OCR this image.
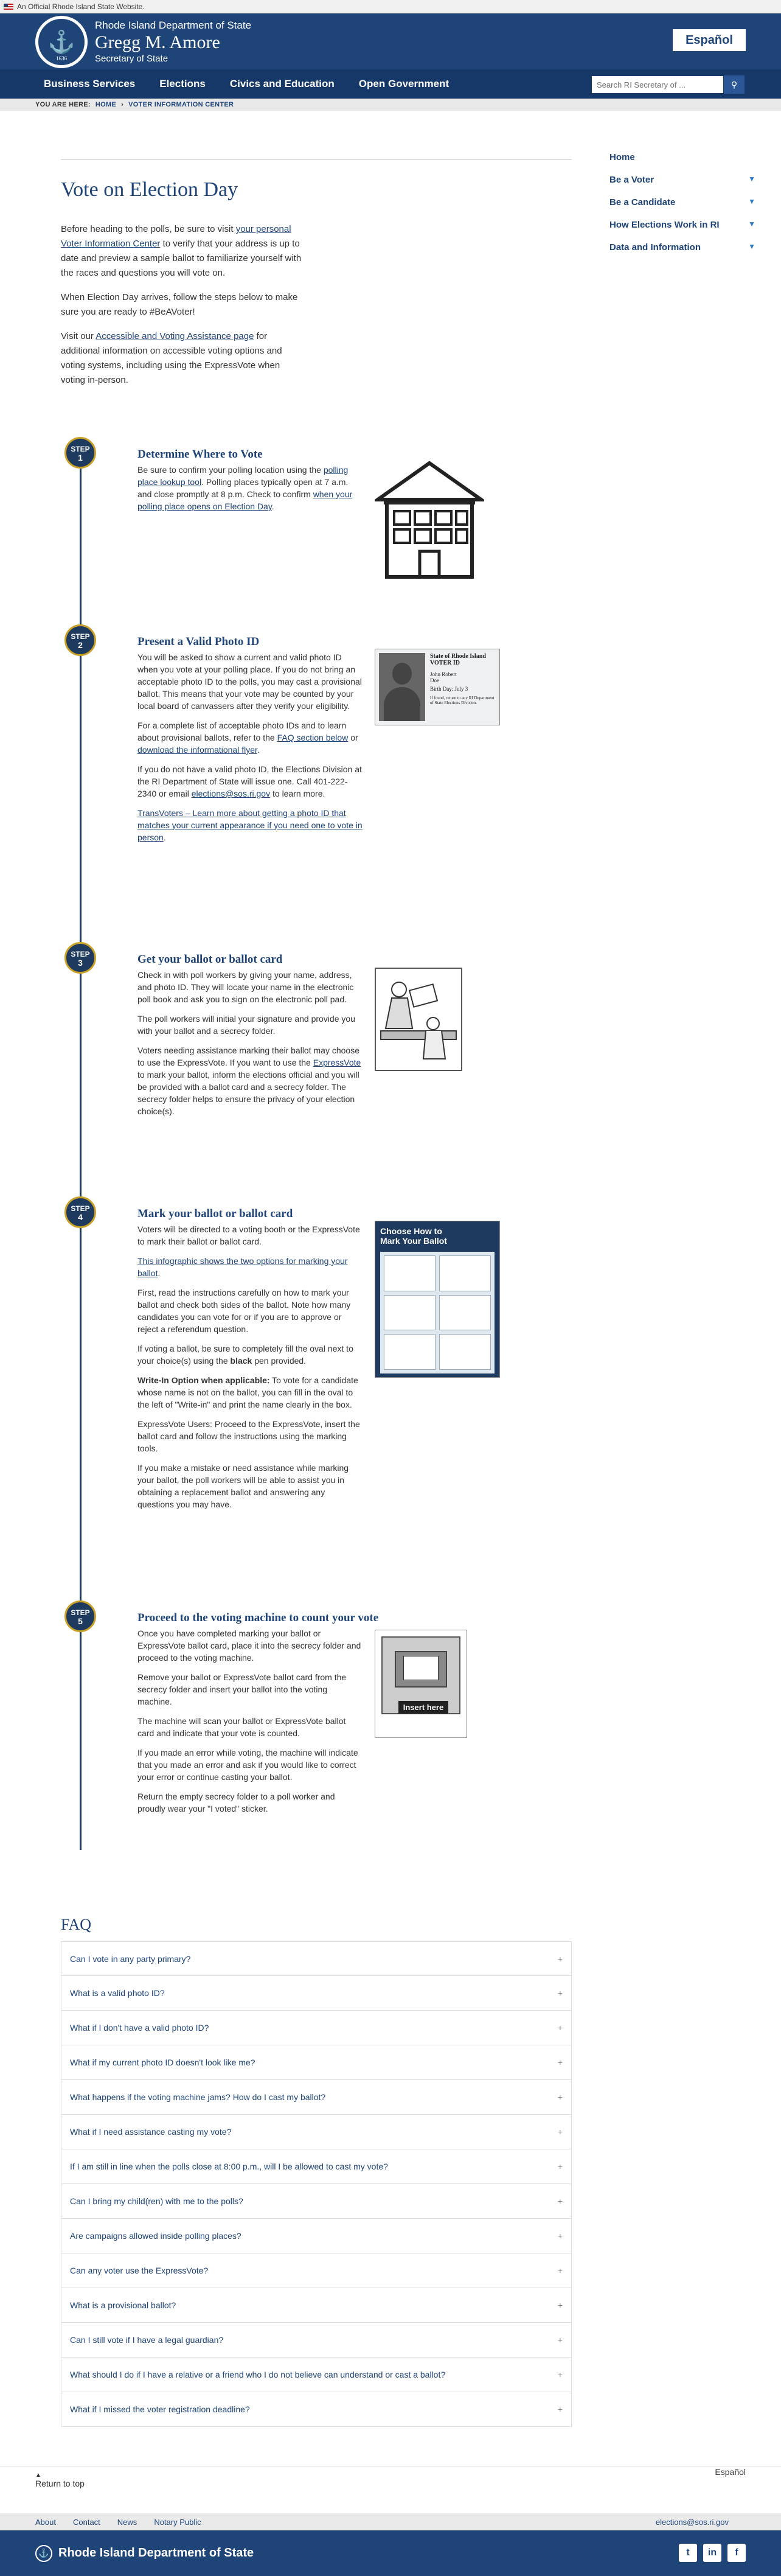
An Official Rhode Island State Website.
⚓
1636
Rhode Island Department of State
Gregg M. Amore
Secretary of State
Español
Business Services Elections Civics and Education Open Government
Search RI Secretary of ...	⚲
YOU ARE HERE: HOME › VOTER INFORMATION CENTER
Home
Be a Voter	▼
Be a Candidate	▼
How Elections Work in RI	▼
Data and Information	▼
Vote on Election Day

Before heading to the polls, be sure to visit your personal Voter Information Center to verify that your address is up to date and preview a sample ballot to familiarize yourself with the races and questions you will vote on.

When Election Day arrives, follow the steps below to make sure you are ready to #BeAVoter!

Visit our Accessible and Voting Assistance page for additional information on accessible voting options and voting systems, including using the ExpressVote when voting in-person.

STEP
1	Determine Where to Vote

Be sure to confirm your polling location using the polling place lookup tool. Polling places typically open at 7 a.m. and close promptly at 8 p.m. Check to confirm when your polling place opens on Election Day.

STEP
2	Present a Valid Photo ID

You will be asked to show a current and valid photo ID when you vote at your polling place. If you do not bring an acceptable photo ID to the polls, you may cast a provisional ballot. This means that your vote may be counted by your local board of canvassers after they verify your eligibility.

For a complete list of acceptable photo IDs and to learn about provisional ballots, refer to the FAQ section below or download the informational flyer.

If you do not have a valid photo ID, the Elections Division at the RI Department of State will issue one. Call 401-222-2340 or email elections@sos.ri.gov to learn more.

TransVoters – Learn more about getting a photo ID that matches your current appearance if you need one to vote in person.

State of Rhode Island
VOTER ID
John Robert
Doe
Birth Day: July 3
If found, return to any RI Department of State Elections Division.
STEP
3	Get your ballot or ballot card

Check in with poll workers by giving your name, address, and photo ID. They will locate your name in the electronic poll book and ask you to sign on the electronic poll pad.

The poll workers will initial your signature and provide you with your ballot and a secrecy folder.

Voters needing assistance marking their ballot may choose to use the ExpressVote. If you want to use the ExpressVote to mark your ballot, inform the elections official and you will be provided with a ballot card and a secrecy folder. The secrecy folder helps to ensure the privacy of your election choice(s).

STEP
4	Mark your ballot or ballot card

Voters will be directed to a voting booth or the ExpressVote to mark their ballot or ballot card.

This infographic shows the two options for marking your ballot.

First, read the instructions carefully on how to mark your ballot and check both sides of the ballot. Note how many candidates you can vote for or if you are to approve or reject a referendum question.

If voting a ballot, be sure to completely fill the oval next to your choice(s) using the black pen provided.

Write-In Option when applicable: To vote for a candidate whose name is not on the ballot, you can fill in the oval to the left of "Write-in" and print the name clearly in the box.

ExpressVote Users: Proceed to the ExpressVote, insert the ballot card and follow the instructions using the marking tools.

If you make a mistake or need assistance while marking your ballot, the poll workers will be able to assist you in obtaining a replacement ballot and answering any questions you may have.

Choose How to Mark Your Ballot
STEP
5	Proceed to the voting machine to count your vote

Once you have completed marking your ballot or ExpressVote ballot card, place it into the secrecy folder and proceed to the voting machine.

Remove your ballot or ExpressVote ballot card from the secrecy folder and insert your ballot into the voting machine.

The machine will scan your ballot or ExpressVote ballot card and indicate that your vote is counted.

If you made an error while voting, the machine will indicate that you made an error and ask if you would like to correct your error or continue casting your ballot.

Return the empty secrecy folder to a poll worker and proudly wear your "I voted" sticker.

Insert here
FAQ
Can I vote in any party primary?	+
What is a valid photo ID?	+
What if I don't have a valid photo ID?	+
What if my current photo ID doesn't look like me?	+
What happens if the voting machine jams? How do I cast my ballot?	+
What if I need assistance casting my vote?	+
If I am still in line when the polls close at 8:00 p.m., will I be allowed to cast my vote?	+
Can I bring my child(ren) with me to the polls?	+
Are campaigns allowed inside polling places?	+
Can any voter use the ExpressVote?	+
What is a provisional ballot?	+
Can I still vote if I have a legal guardian?	+
What should I do if I have a relative or a friend who I do not believe can understand or cast a ballot?	+
What if I missed the voter registration deadline?	+
▲
Return to top
Español
About Contact News Notary Public	elections@sos.ri.gov
⚓ Rhode Island Department of State	t	in	f
